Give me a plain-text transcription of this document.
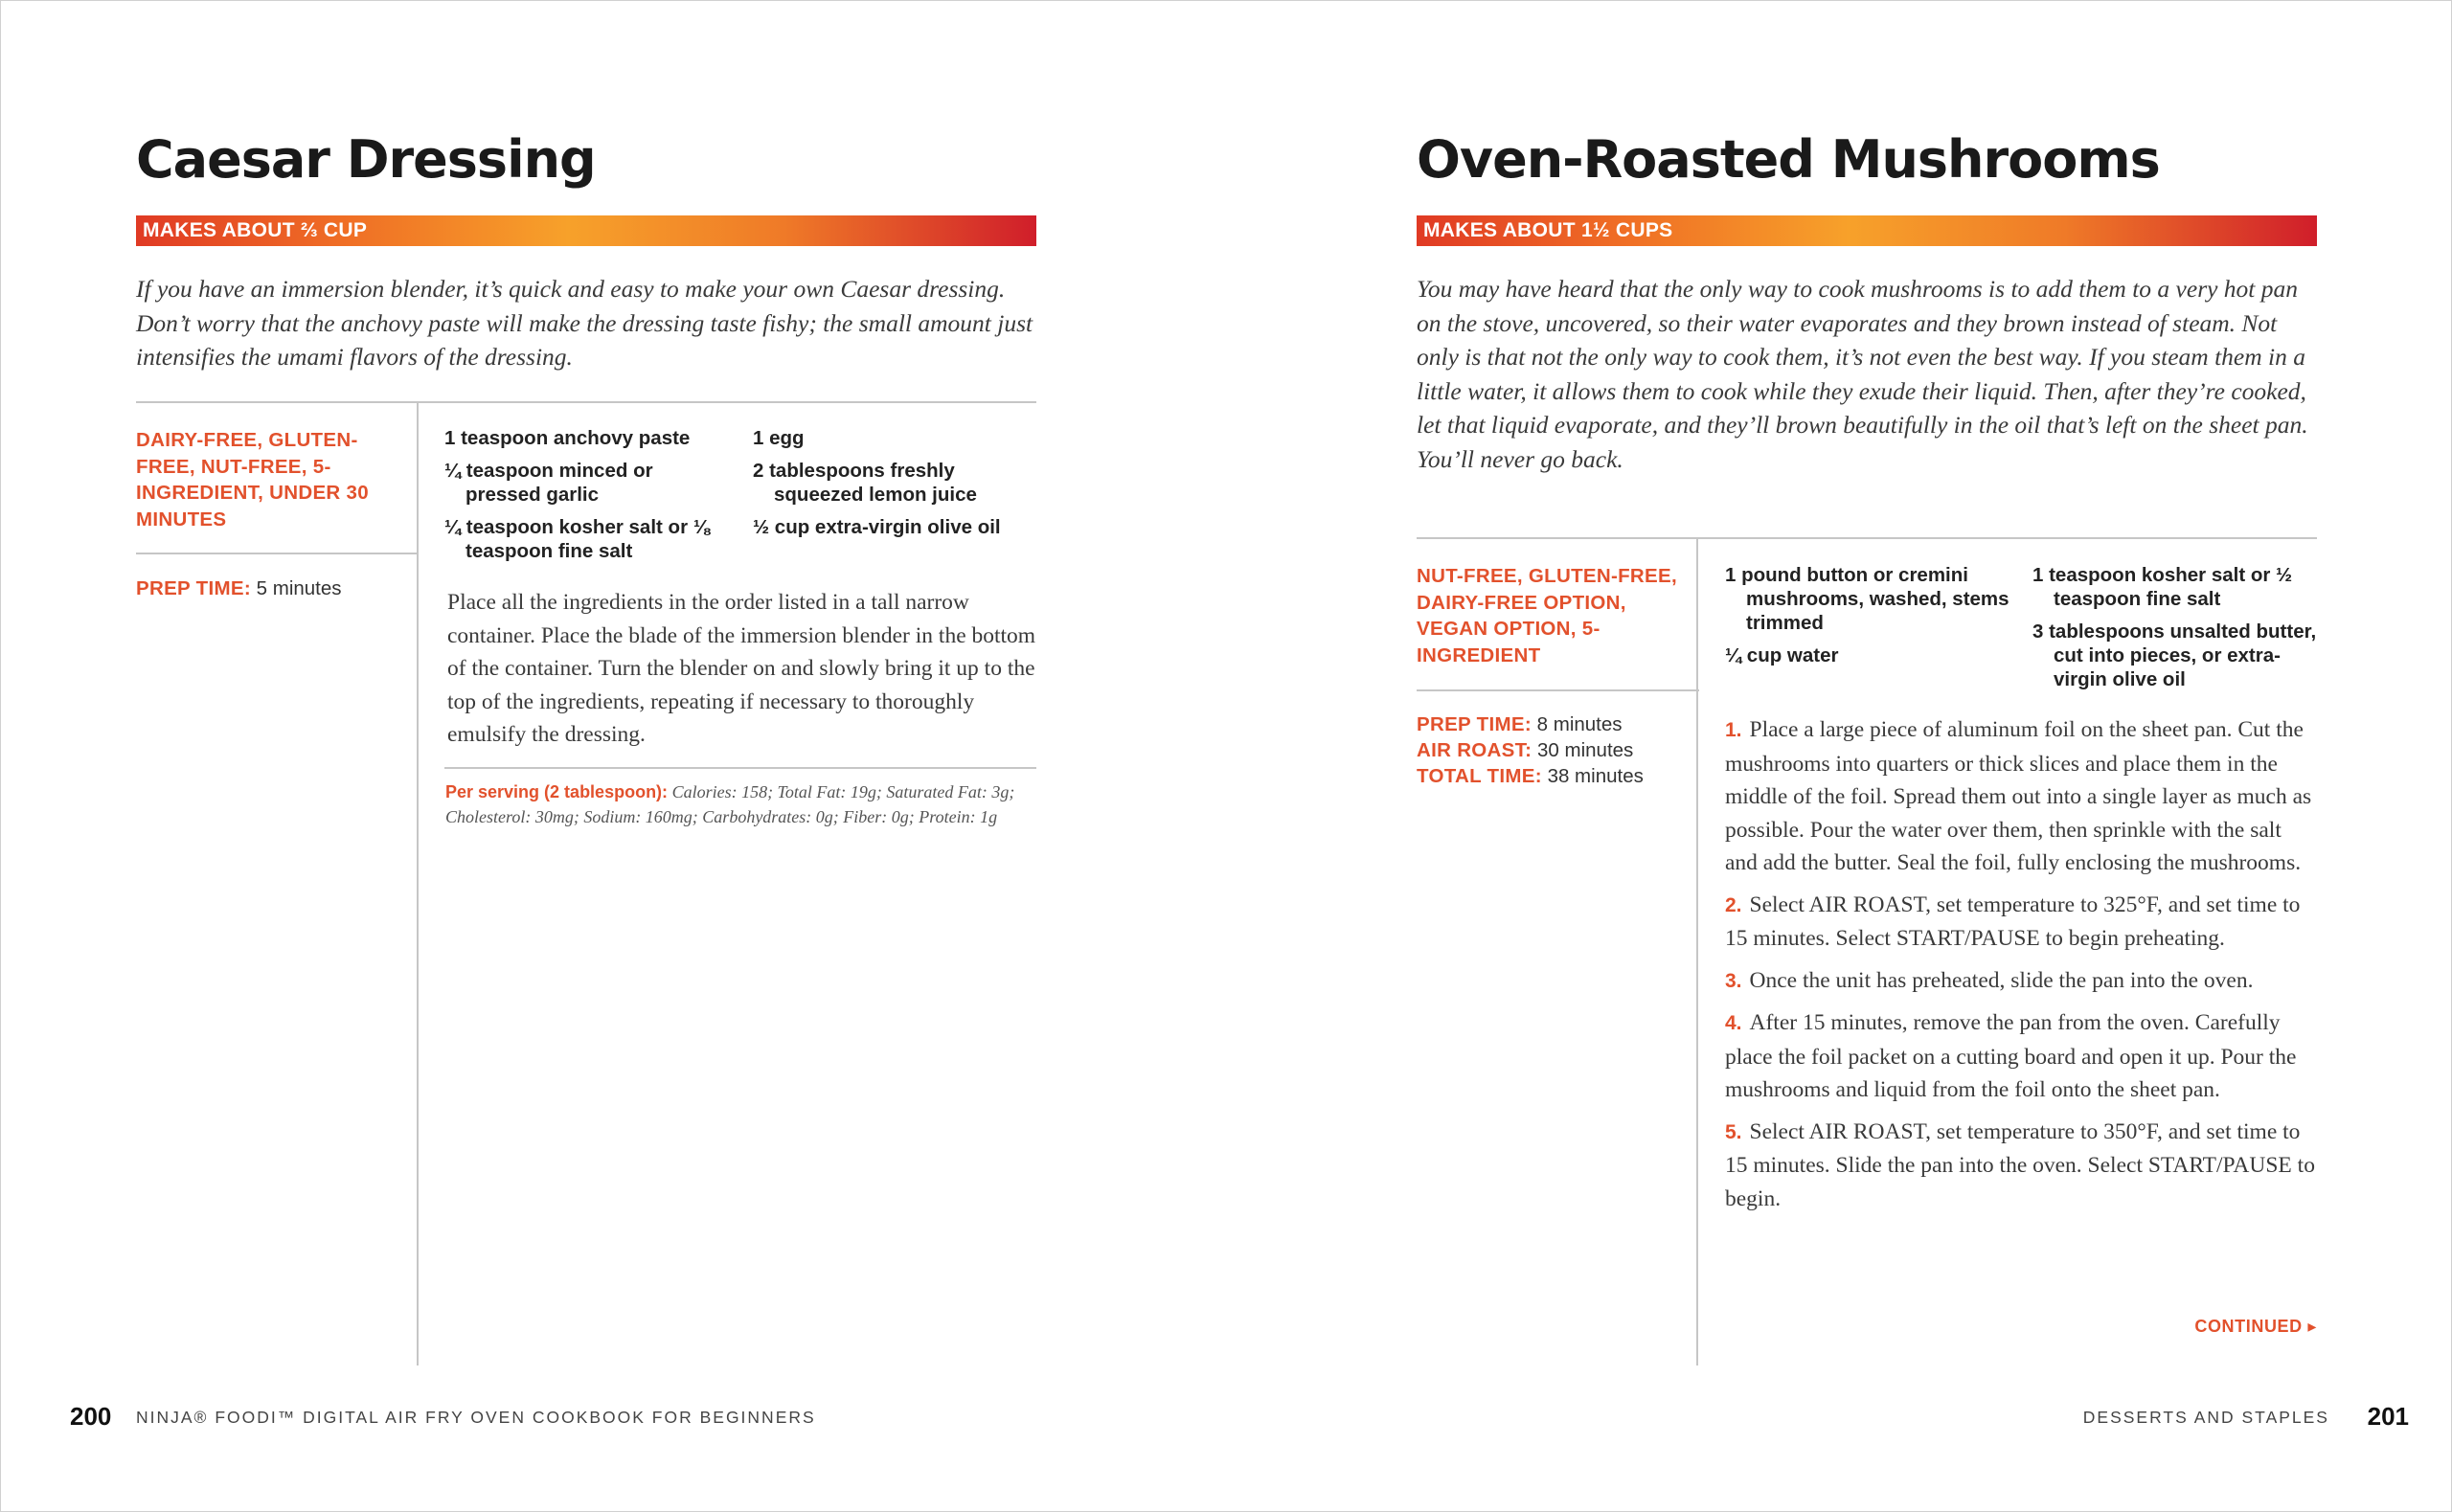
Caesar Dressing
MAKES ABOUT ⅔ CUP
If you have an immersion blender, it’s quick and easy to make your own Caesar dressing. Don’t worry that the anchovy paste will make the dressing taste fishy; the small amount just intensifies the umami flavors of the dressing.
DAIRY-FREE, GLUTEN-FREE, NUT-FREE, 5-INGREDIENT, UNDER 30 MINUTES
PREP TIME: 5 minutes
1 teaspoon anchovy paste
¼ teaspoon minced or pressed garlic
¼ teaspoon kosher salt or ⅛ teaspoon fine salt
1 egg
2 tablespoons freshly squeezed lemon juice
½ cup extra-virgin olive oil
Place all the ingredients in the order listed in a tall narrow container. Place the blade of the immersion blender in the bottom of the container. Turn the blender on and slowly bring it up to the top of the ingredients, repeating if necessary to thoroughly emulsify the dressing.
Per serving (2 tablespoon): Calories: 158; Total Fat: 19g; Saturated Fat: 3g; Cholesterol: 30mg; Sodium: 160mg; Carbohydrates: 0g; Fiber: 0g; Protein: 1g
Oven-Roasted Mushrooms
MAKES ABOUT 1½ CUPS
You may have heard that the only way to cook mushrooms is to add them to a very hot pan on the stove, uncovered, so their water evaporates and they brown instead of steam. Not only is that not the only way to cook them, it’s not even the best way. If you steam them in a little water, it allows them to cook while they exude their liquid. Then, after they’re cooked, let that liquid evaporate, and they’ll brown beautifully in the oil that’s left on the sheet pan. You’ll never go back.
NUT-FREE, GLUTEN-FREE, DAIRY-FREE OPTION, VEGAN OPTION, 5-INGREDIENT
PREP TIME: 8 minutes
AIR ROAST: 30 minutes
TOTAL TIME: 38 minutes
1 pound button or cremini mushrooms, washed, stems trimmed
¼ cup water
1 teaspoon kosher salt or ½ teaspoon fine salt
3 tablespoons unsalted butter, cut into pieces, or extra-virgin olive oil
1. Place a large piece of aluminum foil on the sheet pan. Cut the mushrooms into quarters or thick slices and place them in the middle of the foil. Spread them out into a single layer as much as possible. Pour the water over them, then sprinkle with the salt and add the butter. Seal the foil, fully enclosing the mushrooms.
2. Select AIR ROAST, set temperature to 325°F, and set time to 15 minutes. Select START/PAUSE to begin preheating.
3. Once the unit has preheated, slide the pan into the oven.
4. After 15 minutes, remove the pan from the oven. Carefully place the foil packet on a cutting board and open it up. Pour the mushrooms and liquid from the foil onto the sheet pan.
5. Select AIR ROAST, set temperature to 350°F, and set time to 15 minutes. Slide the pan into the oven. Select START/PAUSE to begin.
CONTINUED ▸
200 NINJA® FOODI™ DIGITAL AIR FRY OVEN COOKBOOK FOR BEGINNERS	DESSERTS AND STAPLES 201
